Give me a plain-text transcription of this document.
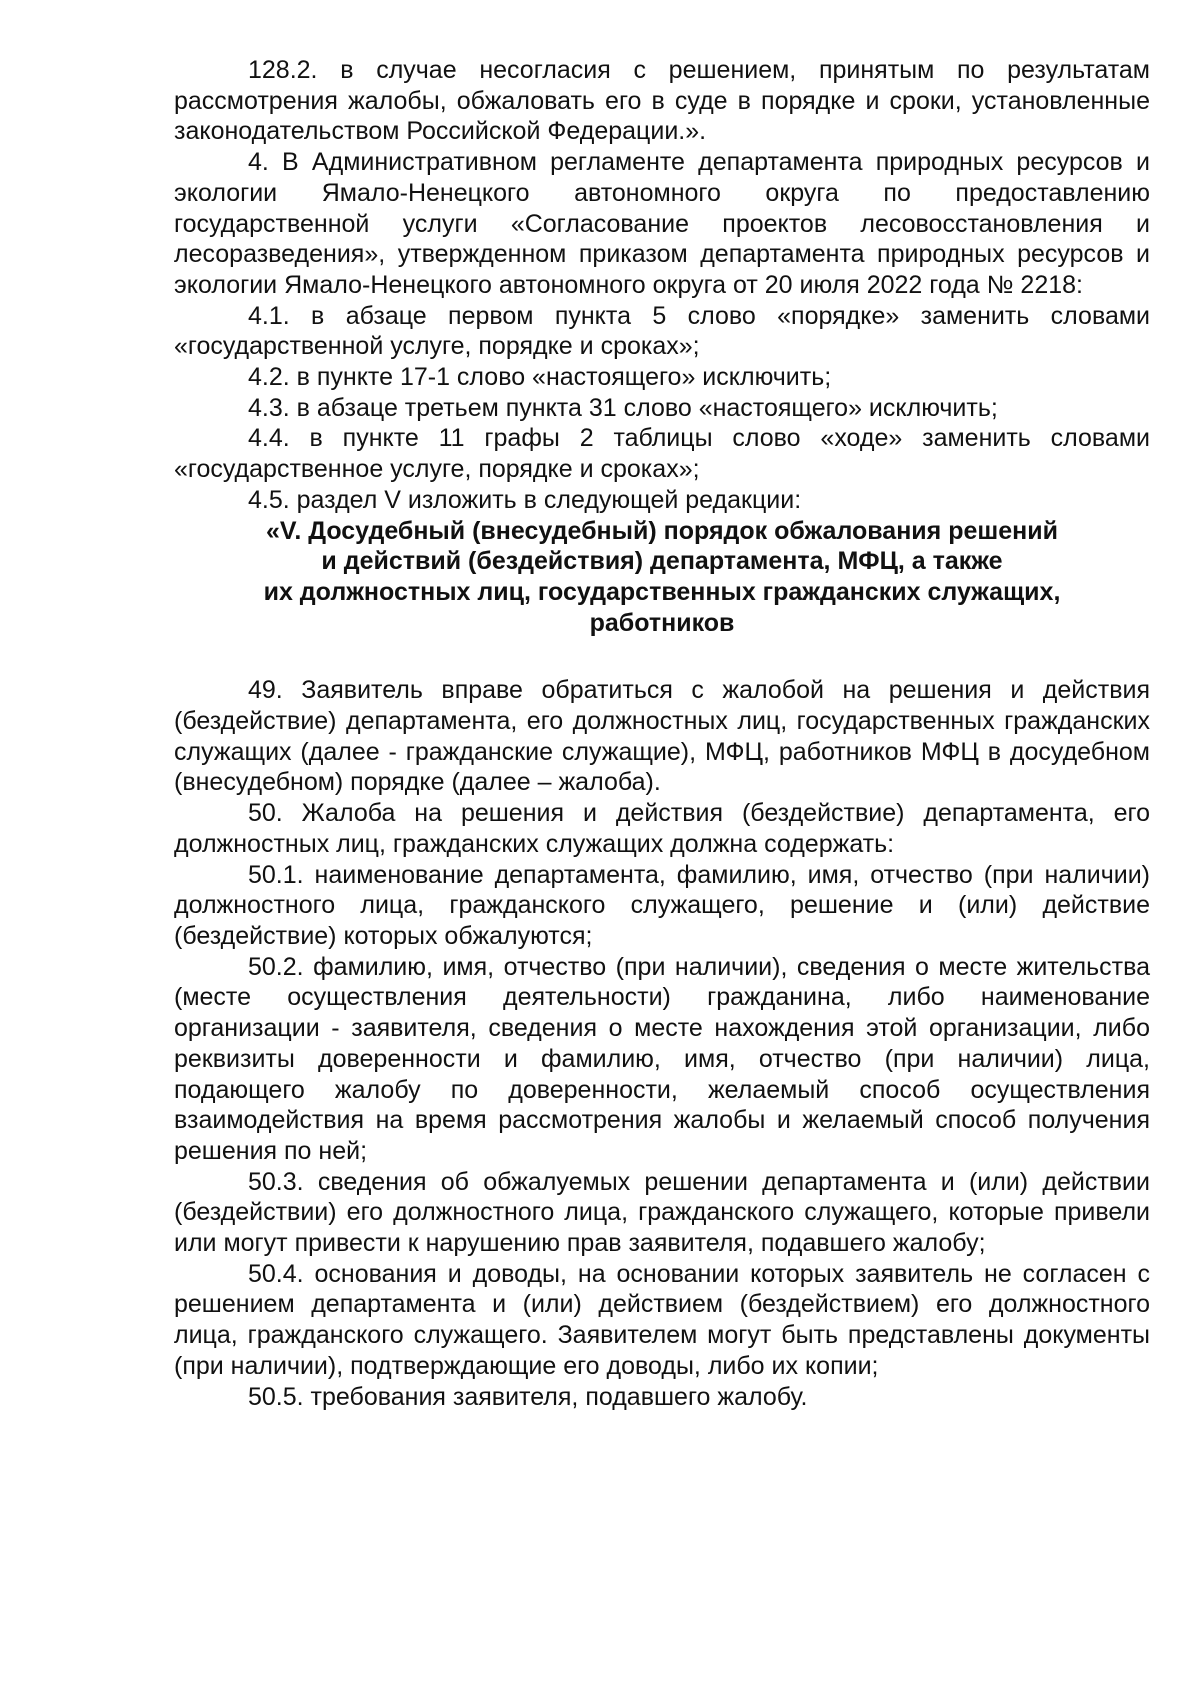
128.2. в случае несогласия с решением, принятым по результатам рассмотрения жалобы, обжаловать его в суде в порядке и сроки, установленные законодательством Российской Федерации.».

4. В Административном регламенте департамента природных ресурсов и экологии Ямало-Ненецкого автономного округа по предоставлению государственной услуги «Согласование проектов лесовосстановления и лесоразведения», утвержденном приказом департамента природных ресурсов и экологии Ямало-Ненецкого автономного округа от 20 июля 2022 года № 2218:

4.1. в абзаце первом пункта 5 слово «порядке» заменить словами «государственной услуге, порядке и сроках»;

4.2. в пункте 17-1 слово «настоящего» исключить;

4.3. в абзаце третьем пункта 31 слово «настоящего» исключить;

4.4. в пункте 11 графы 2 таблицы слово «ходе» заменить словами «государственное услуге, порядке и сроках»;

4.5. раздел V изложить в следующей редакции:

«V. Досудебный (внесудебный) порядок обжалования решений
и действий (бездействия) департамента, МФЦ, а также
их должностных лиц, государственных гражданских служащих,
работников

49. Заявитель вправе обратиться с жалобой на решения и действия (бездействие) департамента, его должностных лиц, государственных гражданских служащих (далее - гражданские служащие), МФЦ, работников МФЦ в досудебном (внесудебном) порядке (далее – жалоба).

50. Жалоба на решения и действия (бездействие) департамента, его должностных лиц, гражданских служащих должна содержать:

50.1. наименование департамента, фамилию, имя, отчество (при наличии) должностного лица, гражданского служащего, решение и (или) действие (бездействие) которых обжалуются;

50.2. фамилию, имя, отчество (при наличии), сведения о месте жительства (месте осуществления деятельности) гражданина, либо наименование организации - заявителя, сведения о месте нахождения этой организации, либо реквизиты доверенности и фамилию, имя, отчество (при наличии) лица, подающего жалобу по доверенности, желаемый способ осуществления взаимодействия на время рассмотрения жалобы и желаемый способ получения решения по ней;

50.3. сведения об обжалуемых решении департамента и (или) действии (бездействии) его должностного лица, гражданского служащего, которые привели или могут привести к нарушению прав заявителя, подавшего жалобу;

50.4. основания и доводы, на основании которых заявитель не согласен с решением департамента и (или) действием (бездействием) его должностного лица, гражданского служащего. Заявителем могут быть представлены документы (при наличии), подтверждающие его доводы, либо их копии;

50.5. требования заявителя, подавшего жалобу.
